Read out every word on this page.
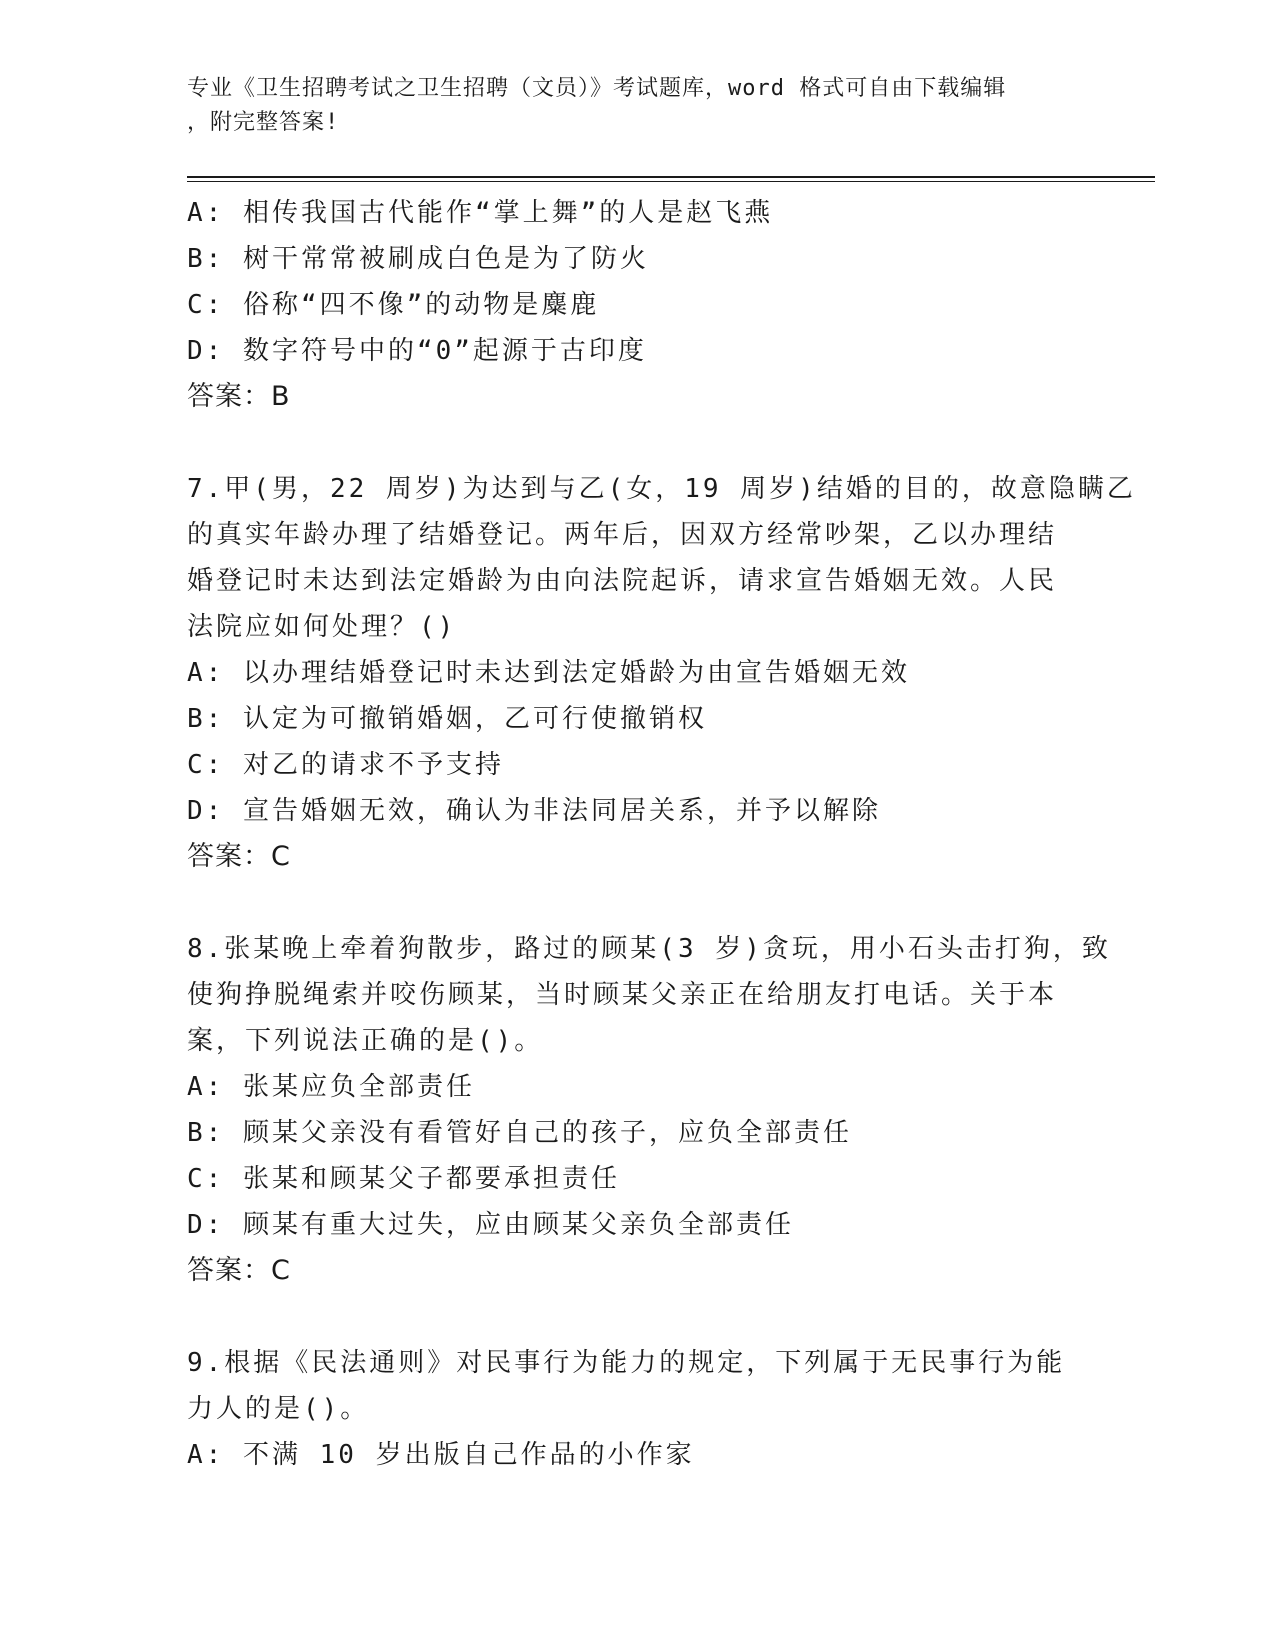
专业《卫生招聘考试之卫生招聘（文员）》考试题库，word 格式可自由下载编辑
，附完整答案!
A: 相传我国古代能作“掌上舞”的人是赵飞燕
B: 树干常常被刷成白色是为了防火
C: 俗称“四不像”的动物是麋鹿
D: 数字符号中的“0”起源于古印度
答案：B
7.甲(男，22 周岁)为达到与乙(女，19 周岁)结婚的目的，故意隐瞒乙
的真实年龄办理了结婚登记。两年后，因双方经常吵架，乙以办理结
婚登记时未达到法定婚龄为由向法院起诉，请求宣告婚姻无效。人民
法院应如何处理？()
A: 以办理结婚登记时未达到法定婚龄为由宣告婚姻无效
B: 认定为可撤销婚姻，乙可行使撤销权
C: 对乙的请求不予支持
D: 宣告婚姻无效，确认为非法同居关系，并予以解除
答案：C
8.张某晚上牵着狗散步，路过的顾某(3 岁)贪玩，用小石头击打狗，致
使狗挣脱绳索并咬伤顾某，当时顾某父亲正在给朋友打电话。关于本
案，下列说法正确的是()。
A: 张某应负全部责任
B: 顾某父亲没有看管好自己的孩子，应负全部责任
C: 张某和顾某父子都要承担责任
D: 顾某有重大过失，应由顾某父亲负全部责任
答案：C
9.根据《民法通则》对民事行为能力的规定，下列属于无民事行为能
力人的是()。
A: 不满 10 岁出版自己作品的小作家
